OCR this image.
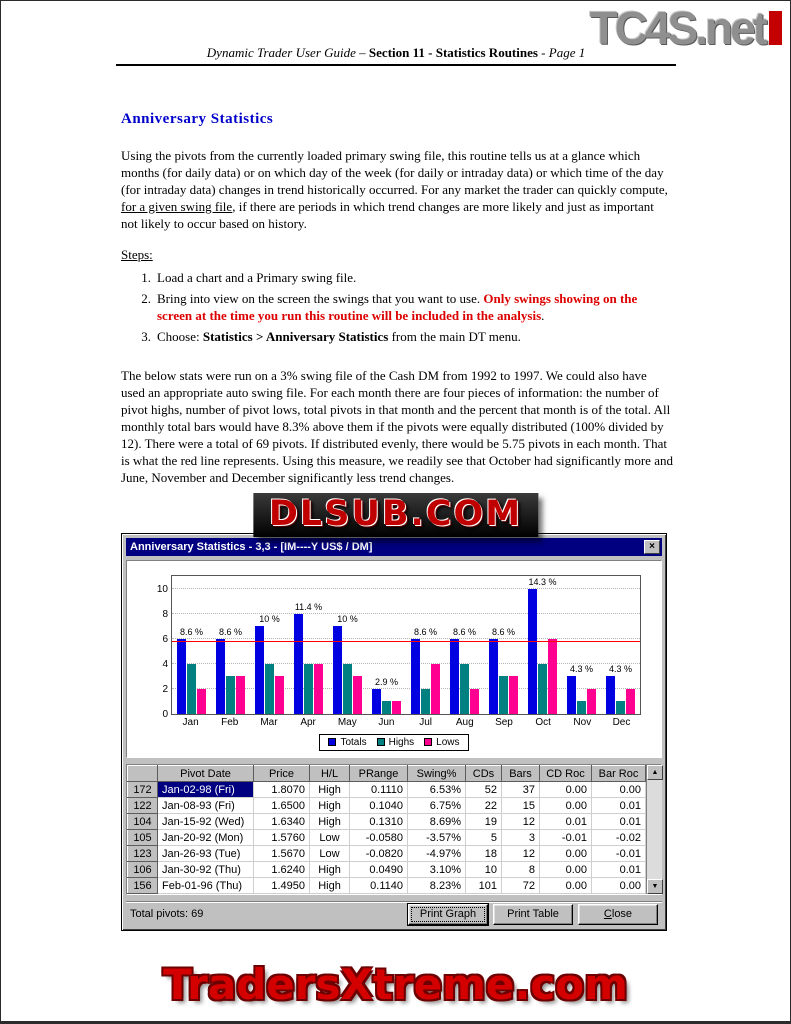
TC4S.net
Dynamic Trader User Guide – Section 11 - Statistics Routines - Page 1
Anniversary Statistics

Using the pivots from the currently loaded primary swing file, this routine tells us at a glance which months (for daily data) or on which day of the week (for daily or intraday data) or which time of the day (for intraday data) changes in trend historically occurred. For any market the trader can quickly compute, for a given swing file, if there are periods in which trend changes are more likely and just as important not likely to occur based on history.

Steps:

1. Load a chart and a Primary swing file.
2. Bring into view on the screen the swings that you want to use. Only swings showing on the screen at the time you run this routine will be included in the analysis.
3. Choose: Statistics > Anniversary Statistics from the main DT menu.

The below stats were run on a 3% swing file of the Cash DM from 1992 to 1997. We could also have used an appropriate auto swing file. For each month there are four pieces of information: the number of pivot highs, number of pivot lows, total pivots in that month and the percent that month is of the total. All monthly total bars would have 8.3% above them if the pivots were equally distributed (100% divided by 12). There were a total of 69 pivots. If distributed evenly, there would be 5.75 pivots in each month. That is what the red line represents. Using this measure, we readily see that October had significantly more and June, November and December significantly less trend changes.

DLSUB.COM
Anniversary Statistics - 3,3 - [IM----Y US$ / DM]	×
0
2
4
6
8
10
8.6 % 8.6 %
10 %
11.4 %
10 %
2.9 %
8.6 % 8.6 % 8.6 %
14.3 %
4.3 % 4.3 %
Jan	Feb	Mar	Apr	May	Jun	Jul	Aug	Sep	Oct	Nov	Dec
Totals Highs Lows
	Pivot Date	Price	H/L	PRange	Swing%	CDs	Bars	CD Roc	Bar Roc
172	Jan-02-98 (Fri)	1.8070	High	0.1110	6.53%	52	37	0.00	0.00
122	Jan-08-93 (Fri)	1.6500	High	0.1040	6.75%	22	15	0.00	0.01
104	Jan-15-92 (Wed)	1.6340	High	0.1310	8.69%	19	12	0.01	0.01
105	Jan-20-92 (Mon)	1.5760	Low	-0.0580	-3.57%	5	3	-0.01	-0.02
123	Jan-26-93 (Tue)	1.5670	Low	-0.0820	-4.97%	18	12	0.00	-0.01
106	Jan-30-92 (Thu)	1.6240	High	0.0490	3.10%	10	8	0.00	0.01
156	Feb-01-96 (Thu)	1.4950	High	0.1140	8.23%	101	72	0.00	0.00
▲
▼
Total pivots: 69	Print Graph	Print Table	Close
TradersXtreme.com
